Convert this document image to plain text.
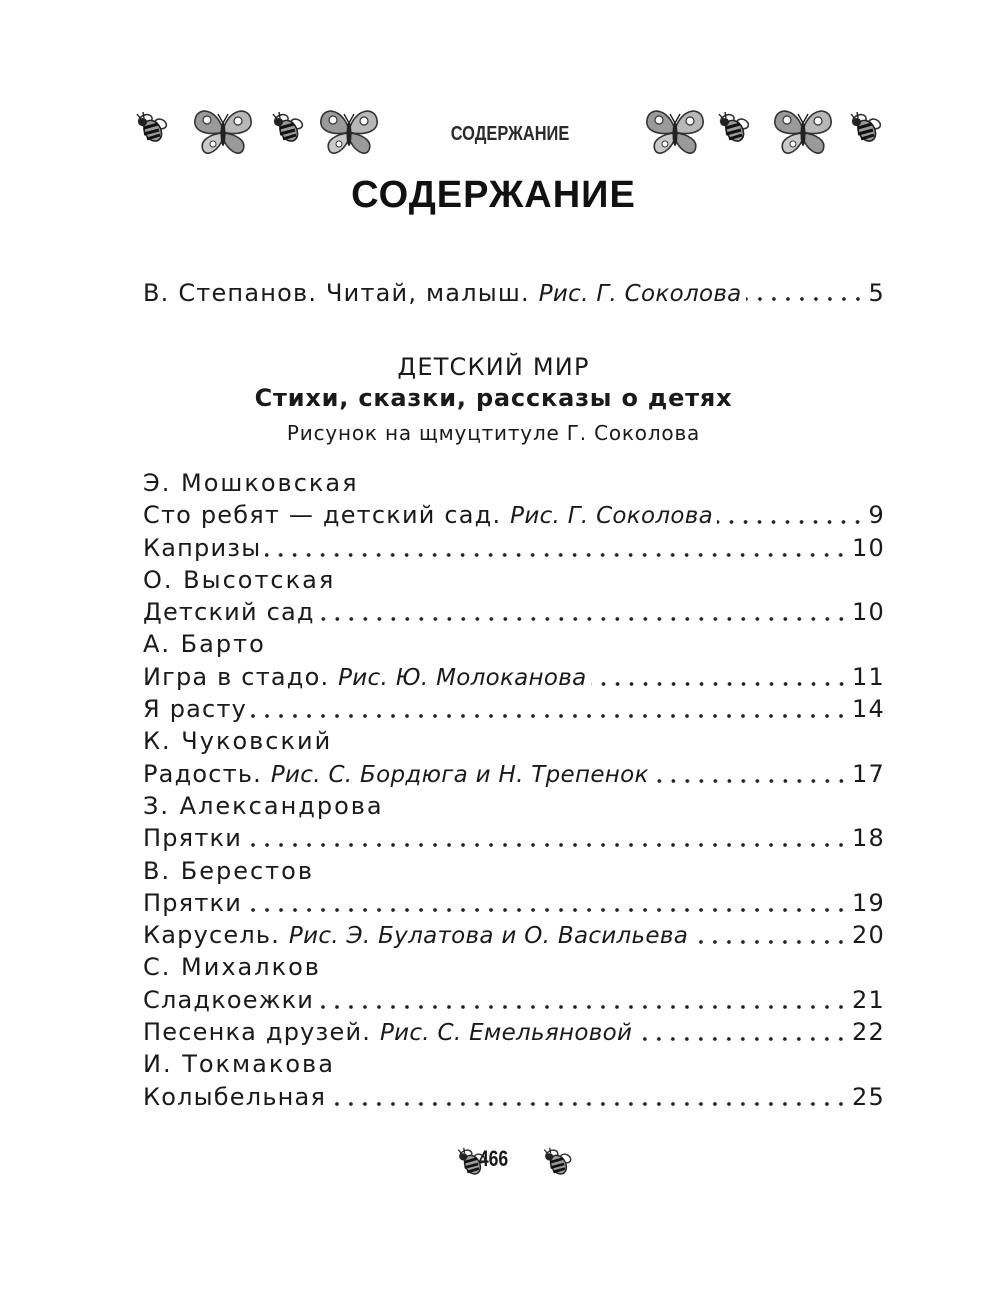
СОДЕРЖАНИЕ
СОДЕРЖАНИЕ
В. Степанов. Читай, малыш. Рис. Г. Соколова	5
ДЕТСКИЙ МИР
Стихи, сказки, рассказы о детях
Рисунок на щмуцтитуле Г. Соколова
Э. Мошковская
Сто ребят — детский сад. Рис. Г. Соколова	9
Капризы	10
О. Высотская
Детский сад	10
А. Барто
Игра в стадо. Рис. Ю. Молоканова	11
Я расту	14
К. Чуковский
Радость. Рис. С. Бордюга и Н. Трепенок	17
З. Александрова
Прятки	18
В. Берестов
Прятки	19
Карусель. Рис. Э. Булатова и О. Васильева	20
С. Михалков
Сладкоежки	21
Песенка друзей. Рис. С. Емельяновой	22
И. Токмакова
Колыбельная	25
466
